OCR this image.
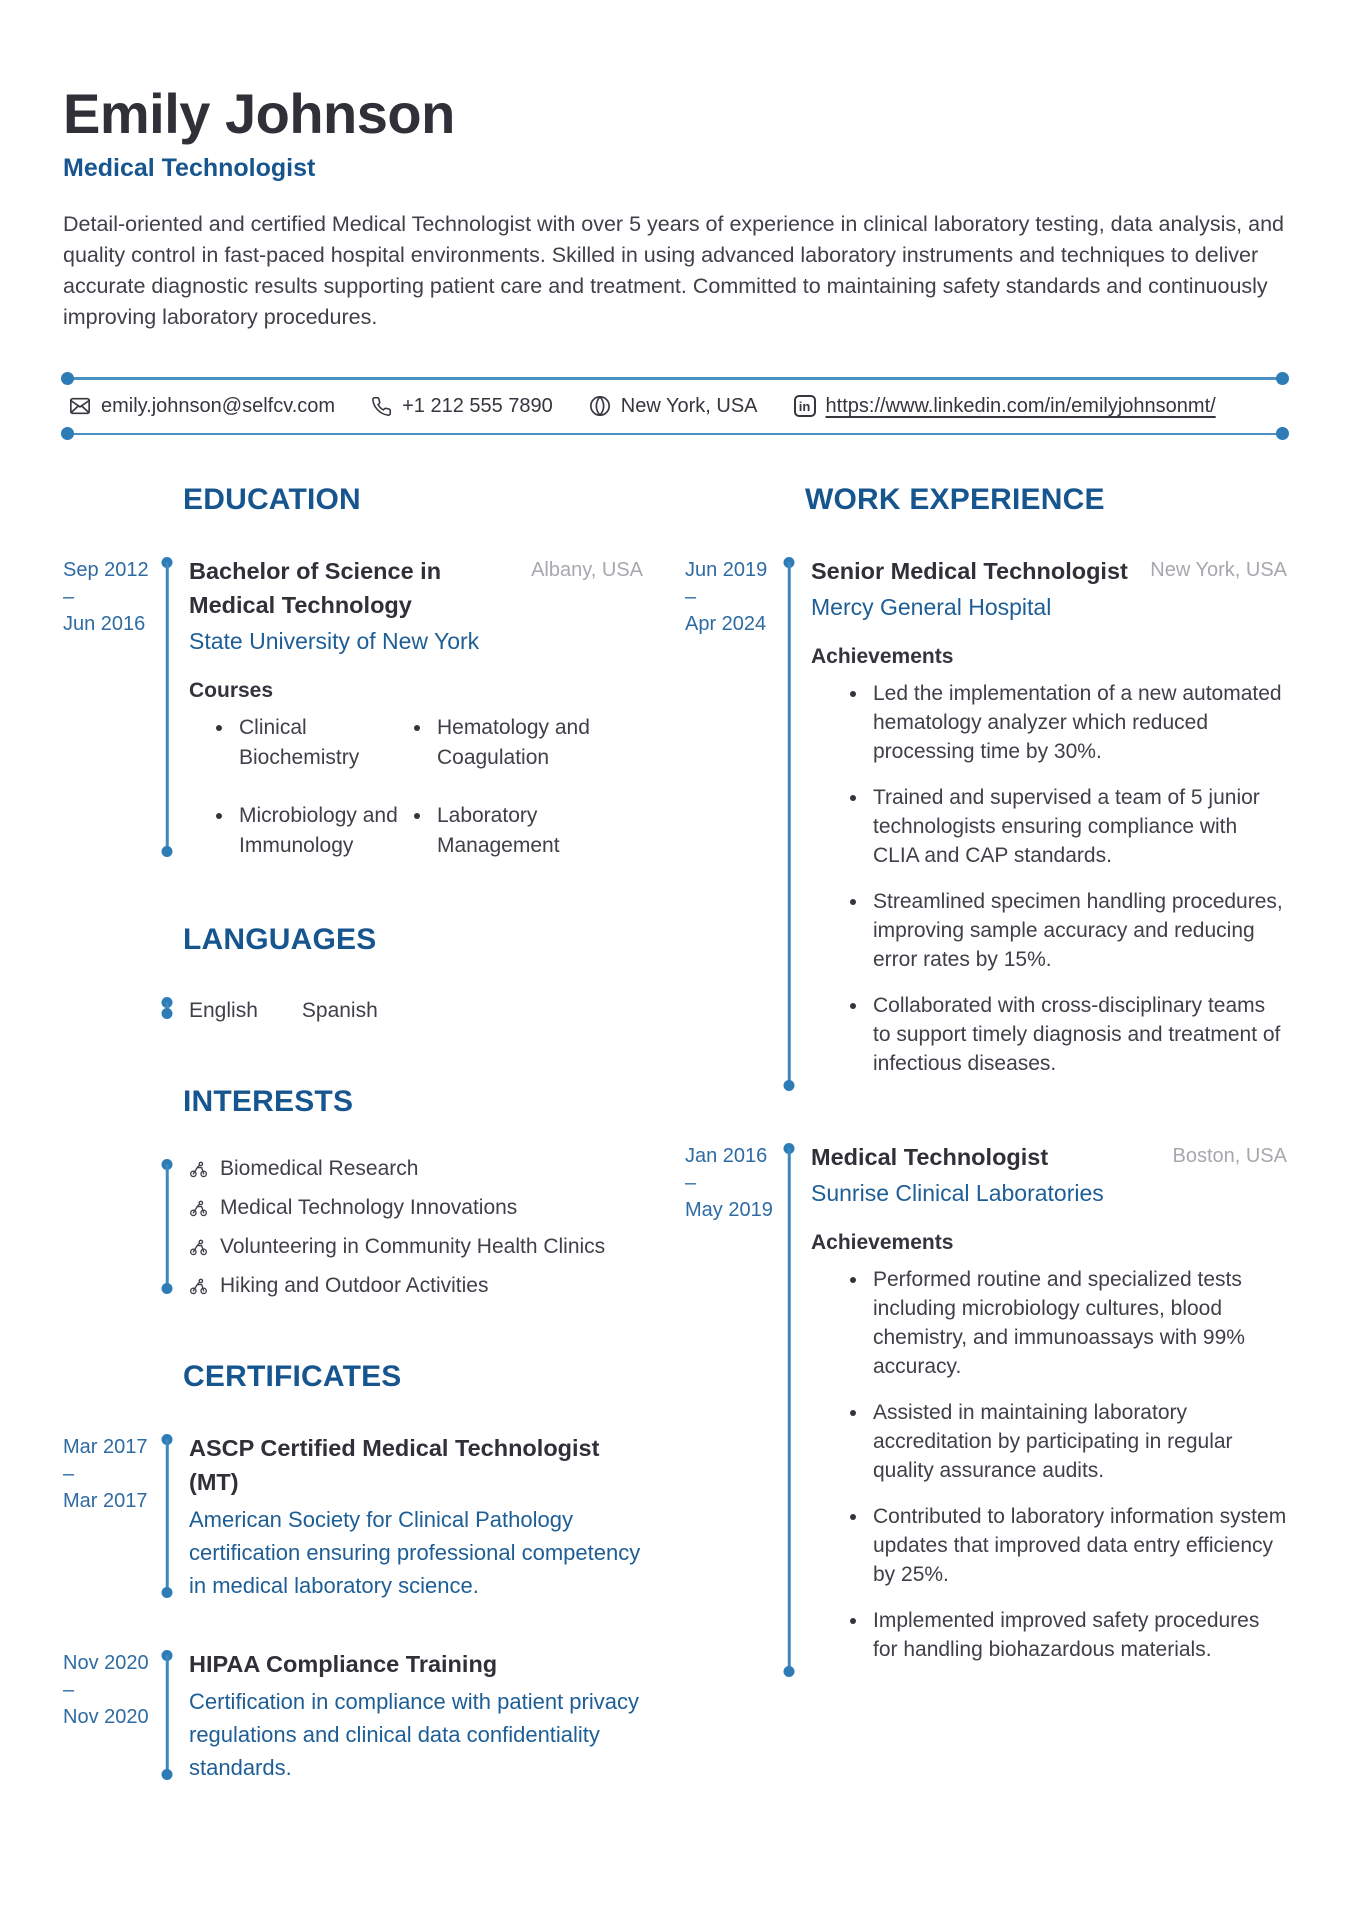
Emily Johnson
Medical Technologist

Detail-oriented and certified Medical Technologist with over 5 years of experience in clinical laboratory testing, data analysis, and quality control in fast-paced hospital environments. Skilled in using advanced laboratory instruments and techniques to deliver accurate diagnostic results supporting patient care and treatment. Committed to maintaining safety standards and continuously improving laboratory procedures.

emily.johnson@selfcv.com	+1 212 555 7890	New York, USA	in https://www.linkedin.com/in/emilyjohnsonmt/
EDUCATION
Sep 2012
–
Jun 2016
Bachelor of Science in Medical Technology
Albany, USA
State University of New York
Courses
• Clinical Biochemistry
• Hematology and Coagulation
• Microbiology and Immunology
• Laboratory Management
LANGUAGES
English Spanish
INTERESTS
Biomedical Research
Medical Technology Innovations
Volunteering in Community Health Clinics
Hiking and Outdoor Activities
CERTIFICATES
Mar 2017
–
Mar 2017
ASCP Certified Medical Technologist (MT)
American Society for Clinical Pathology certification ensuring professional competency in medical laboratory science.
Nov 2020
–
Nov 2020
HIPAA Compliance Training
Certification in compliance with patient privacy regulations and clinical data confidentiality standards.
WORK EXPERIENCE
Jun 2019
–
Apr 2024
Senior Medical Technologist New York, USA
Mercy General Hospital
Achievements
• Led the implementation of a new automated hematology analyzer which reduced processing time by 30%.
• Trained and supervised a team of 5 junior technologists ensuring compliance with CLIA and CAP standards.
• Streamlined specimen handling procedures, improving sample accuracy and reducing error rates by 15%.
• Collaborated with cross-disciplinary teams to support timely diagnosis and treatment of infectious diseases.
Jan 2016
–
May 2019
Medical Technologist	Boston, USA
Sunrise Clinical Laboratories
Achievements
• Performed routine and specialized tests including microbiology cultures, blood chemistry, and immunoassays with 99% accuracy.
• Assisted in maintaining laboratory accreditation by participating in regular quality assurance audits.
• Contributed to laboratory information system updates that improved data entry efficiency by 25%.
• Implemented improved safety procedures for handling biohazardous materials.
